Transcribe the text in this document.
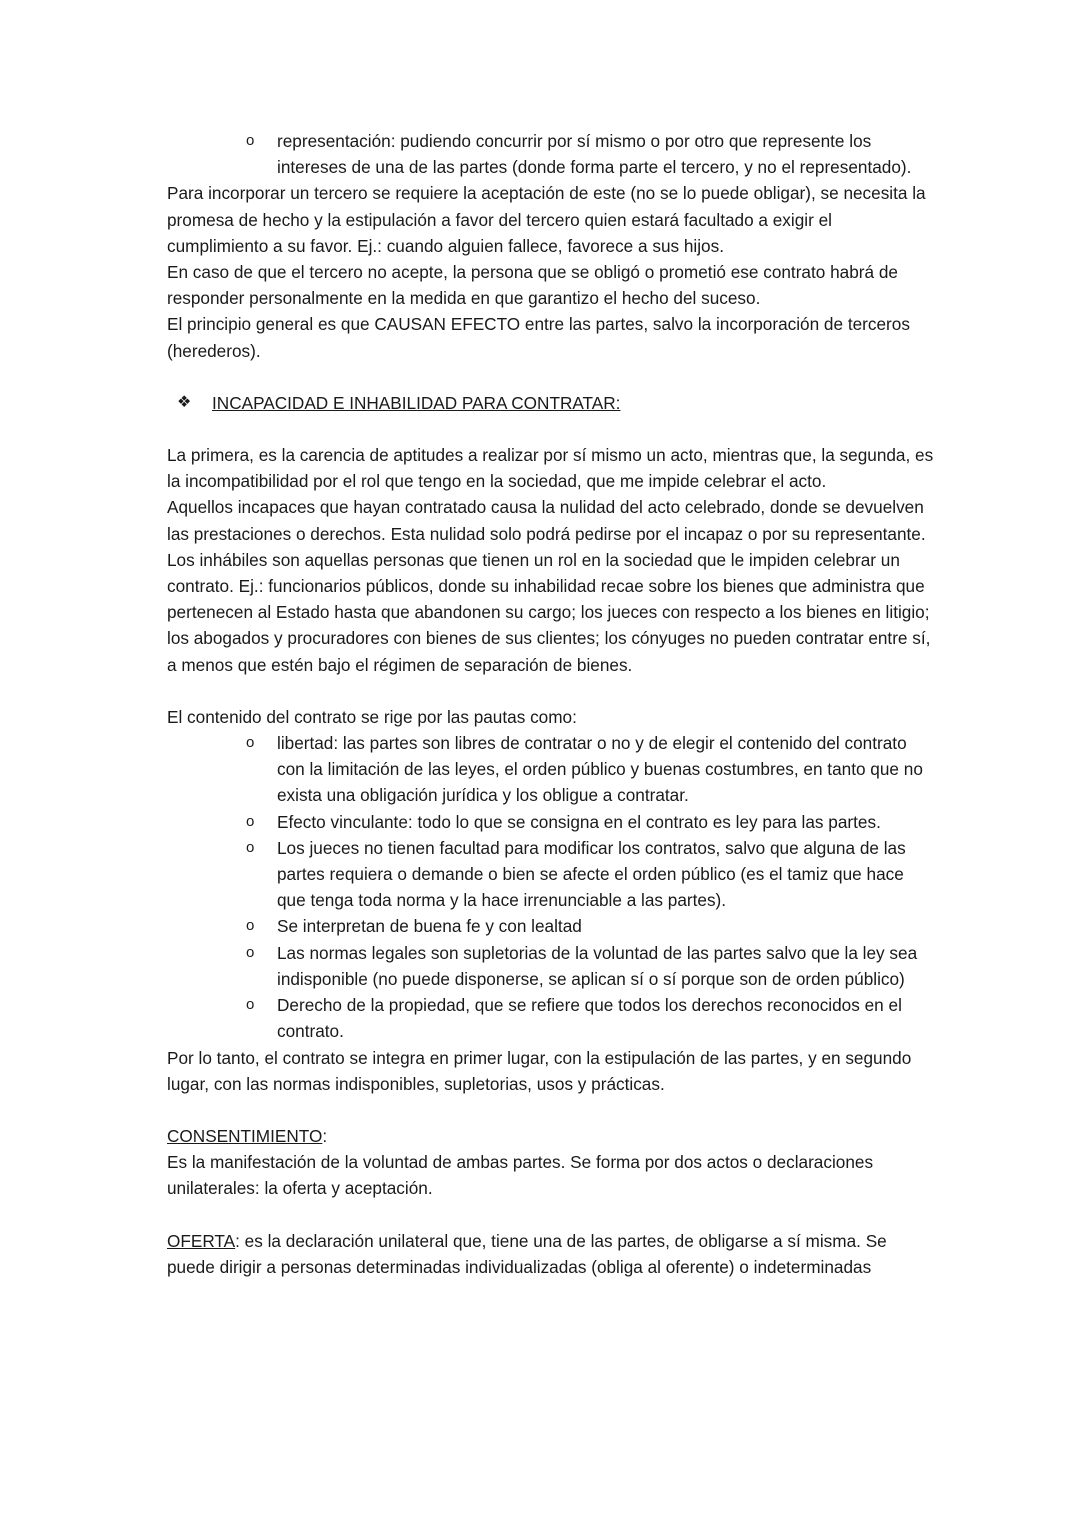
o representación: pudiendo concurrir por sí mismo o por otro que represente los intereses de una de las partes (donde forma parte el tercero, y no el representado).

Para incorporar un tercero se requiere la aceptación de este (no se lo puede obligar), se necesita la promesa de hecho y la estipulación a favor del tercero quien estará facultado a exigir el cumplimiento a su favor. Ej.: cuando alguien fallece, favorece a sus hijos.

En caso de que el tercero no acepte, la persona que se obligó o prometió ese contrato habrá de responder personalmente en la medida en que garantizo el hecho del suceso.

El principio general es que CAUSAN EFECTO entre las partes, salvo la incorporación de terceros (herederos).

❖ INCAPACIDAD E INHABILIDAD PARA CONTRATAR:

La primera, es la carencia de aptitudes a realizar por sí mismo un acto, mientras que, la segunda, es la incompatibilidad por el rol que tengo en la sociedad, que me impide celebrar el acto.

Aquellos incapaces que hayan contratado causa la nulidad del acto celebrado, donde se devuelven las prestaciones o derechos. Esta nulidad solo podrá pedirse por el incapaz o por su representante.

Los inhábiles son aquellas personas que tienen un rol en la sociedad que le impiden celebrar un contrato. Ej.: funcionarios públicos, donde su inhabilidad recae sobre los bienes que administra que pertenecen al Estado hasta que abandonen su cargo; los jueces con respecto a los bienes en litigio; los abogados y procuradores con bienes de sus clientes; los cónyuges no pueden contratar entre sí, a menos que estén bajo el régimen de separación de bienes.

El contenido del contrato se rige por las pautas como:

o libertad: las partes son libres de contratar o no y de elegir el contenido del contrato con la limitación de las leyes, el orden público y buenas costumbres, en tanto que no exista una obligación jurídica y los obligue a contratar.
o Efecto vinculante: todo lo que se consigna en el contrato es ley para las partes.
o Los jueces no tienen facultad para modificar los contratos, salvo que alguna de las partes requiera o demande o bien se afecte el orden público (es el tamiz que hace que tenga toda norma y la hace irrenunciable a las partes).
o Se interpretan de buena fe y con lealtad
o Las normas legales son supletorias de la voluntad de las partes salvo que la ley sea indisponible (no puede disponerse, se aplican sí o sí porque son de orden público)
o Derecho de la propiedad, que se refiere que todos los derechos reconocidos en el contrato.

Por lo tanto, el contrato se integra en primer lugar, con la estipulación de las partes, y en segundo lugar, con las normas indisponibles, supletorias, usos y prácticas.

CONSENTIMIENTO:

Es la manifestación de la voluntad de ambas partes. Se forma por dos actos o declaraciones unilaterales: la oferta y aceptación.

OFERTA: es la declaración unilateral que, tiene una de las partes, de obligarse a sí misma. Se puede dirigir a personas determinadas individualizadas (obliga al oferente) o indeterminadas
